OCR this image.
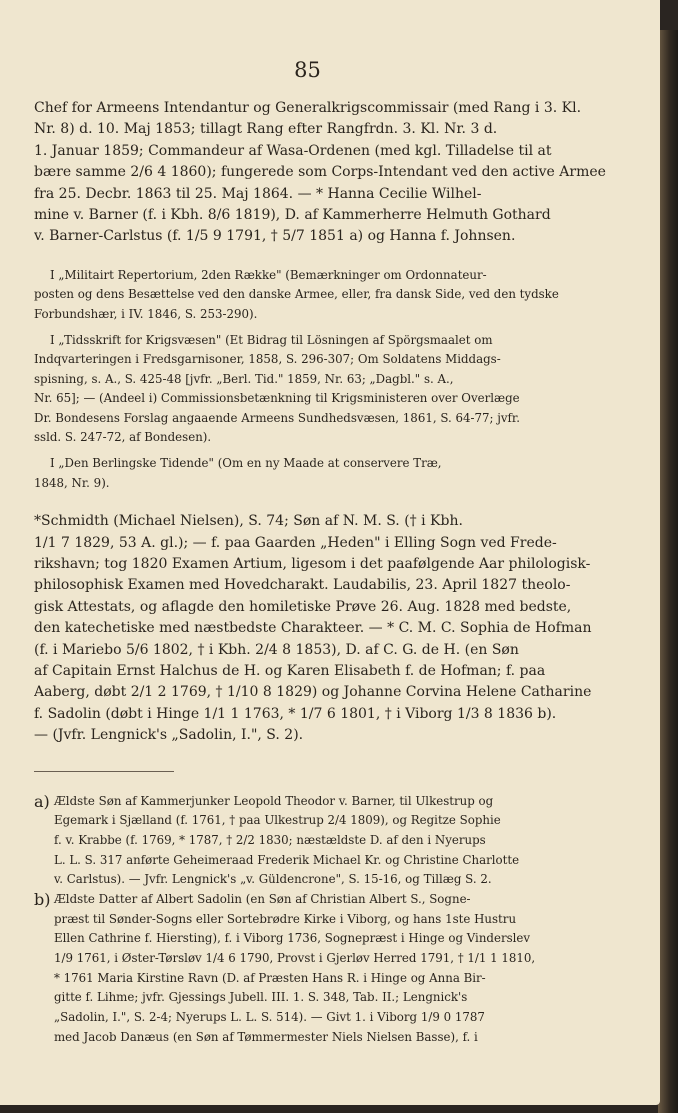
85
Chef for Armeens Intendantur og Generalkrigscommissair (med Rang i 3. Kl.
Nr. 8) d. 10. Maj 1853; tillagt Rang efter Rangfrdn. 3. Kl. Nr. 3 d.
1. Januar 1859; Commandeur af Wasa-Ordenen (med kgl. Tilladelse til at
bære samme 2/6 4 1860); fungerede som Corps-Intendant ved den active Armee
fra 25. Decbr. 1863 til 25. Maj 1864. — * Hanna Cecilie Wilhel-
mine v. Barner (f. i Kbh. 8/6 1819), D. af Kammerherre Helmuth Gothard
v. Barner-Carlstus (f. 1/5 9 1791, † 5/7 1851 a) og Hanna f. Johnsen.
I „Militairt Repertorium, 2den Række" (Bemærkninger om Ordonnateur-
posten og dens Besættelse ved den danske Armee, eller, fra dansk Side, ved den tydske
Forbundshær, i IV. 1846, S. 253-290).
I „Tidsskrift for Krigsvæsen" (Et Bidrag til Lösningen af Spörgsmaalet om
Indqvarteringen i Fredsgarnisoner, 1858, S. 296-307; Om Soldatens Middags-
spisning, s. A., S. 425-48 [jvfr. „Berl. Tid." 1859, Nr. 63; „Dagbl." s. A.,
Nr. 65]; — (Andeel i) Commissionsbetænkning til Krigsministeren over Overlæge
Dr. Bondesens Forslag angaaende Armeens Sundhedsvæsen, 1861, S. 64-77; jvfr.
ssld. S. 247-72, af Bondesen).
I „Den Berlingske Tidende" (Om en ny Maade at conservere Træ,
1848, Nr. 9).
*Schmidth (Michael Nielsen), S. 74; Søn af N. M. S. († i Kbh.
1/1 7 1829, 53 A. gl.); — f. paa Gaarden „Heden" i Elling Sogn ved Frede-
rikshavn; tog 1820 Examen Artium, ligesom i det paafølgende Aar philologisk-
philosophisk Examen med Hovedcharakt. Laudabilis, 23. April 1827 theolo-
gisk Attestats, og aflagde den homiletiske Prøve 26. Aug. 1828 med bedste,
den katechetiske med næstbedste Charakteer. — * C. M. C. Sophia de Hofman
(f. i Mariebo 5/6 1802, † i Kbh. 2/4 8 1853), D. af C. G. de H. (en Søn
af Capitain Ernst Halchus de H. og Karen Elisabeth f. de Hofman; f. paa
Aaberg, døbt 2/1 2 1769, † 1/10 8 1829) og Johanne Corvina Helene Catharine
f. Sadolin (døbt i Hinge 1/1 1 1763, * 1/7 6 1801, † i Viborg 1/3 8 1836 b).
— (Jvfr. Lengnick's „Sadolin, I.", S. 2).
a) Ældste Søn af Kammerjunker Leopold Theodor v. Barner, til Ulkestrup og
Egemark i Sjælland (f. 1761, † paa Ulkestrup 2/4 1809), og Regitze Sophie
f. v. Krabbe (f. 1769, * 1787, † 2/2 1830; næstældste D. af den i Nyerups
L. L. S. 317 anførte Geheimeraad Frederik Michael Kr. og Christine Charlotte
v. Carlstus). — Jvfr. Lengnick's „v. Güldencrone", S. 15-16, og Tillæg S. 2.
b) Ældste Datter af Albert Sadolin (en Søn af Christian Albert S., Sogne-
præst til Sønder-Sogns eller Sortebrødre Kirke i Viborg, og hans 1ste Hustru
Ellen Cathrine f. Hiersting), f. i Viborg 1736, Sognepræst i Hinge og Vinderslev
1/9 1761, i Øster-Tørsløv 1/4 6 1790, Provst i Gjerløv Herred 1791, † 1/1 1 1810,
* 1761 Maria Kirstine Ravn (D. af Præsten Hans R. i Hinge og Anna Bir-
gitte f. Lihme; jvfr. Gjessings Jubell. III. 1. S. 348, Tab. II.; Lengnick's
„Sadolin, I.", S. 2-4; Nyerups L. L. S. 514). — Givt 1. i Viborg 1/9 0 1787
med Jacob Danæus (en Søn af Tømmermester Niels Nielsen Basse), f. i
